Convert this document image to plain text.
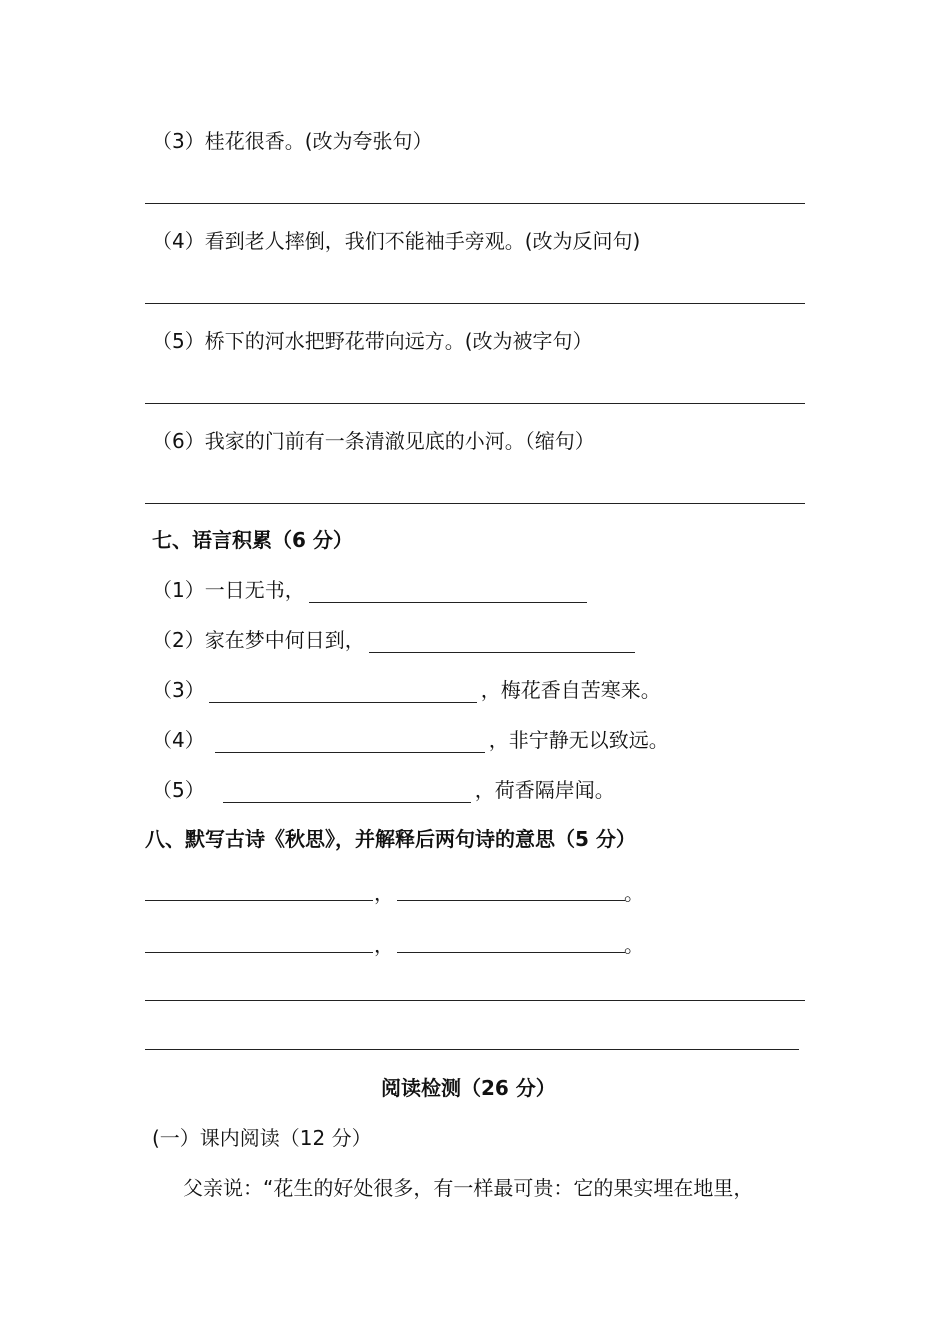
（3）桂花很香。(改为夸张句）
（4）看到老人摔倒，我们不能袖手旁观。(改为反问句)
（5）桥下的河水把野花带向远方。(改为被字句）
（6）我家的门前有一条清澈见底的小河。（缩句）
七、语言积累（6 分）
（1）一日无书，
（2）家在梦中何日到，
（3）	，梅花香自苦寒来。
（4）	，非宁静无以致远。
（5）	，荷香隔岸闻。
八、默写古诗《秋思》，并解释后两句诗的意思（5 分）
，	。
，	。
阅读检测（26 分）
(一）课内阅读（12 分）
父亲说：“花生的好处很多，有一样最可贵：它的果实埋在地里，
